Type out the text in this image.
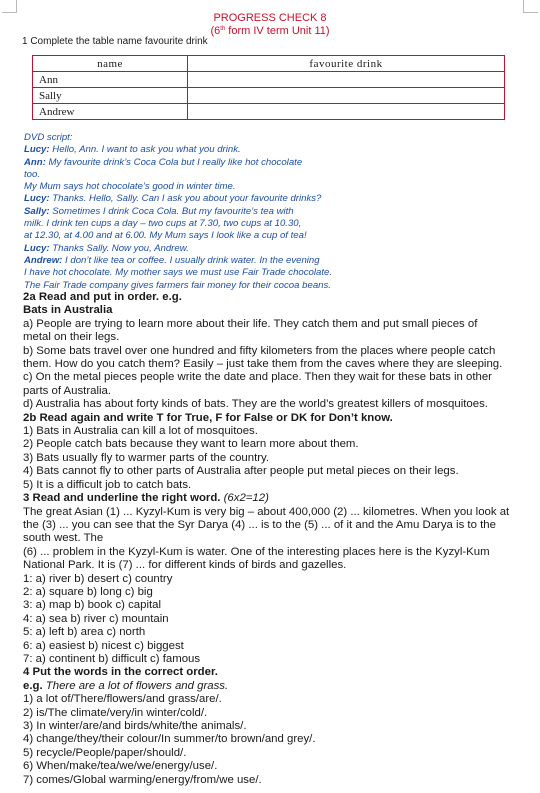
PROGRESS CHECK 8
(6th form IV term Unit 11)
1 Complete the table name favourite drink
name	favourite drink
Ann	
Sally	
Andrew	
DVD script:
Lucy: Hello, Ann. I want to ask you what you drink.
Ann: My favourite drink’s Coca Cola but I really like hot chocolate
too.
My Mum says hot chocolate’s good in winter time.
Lucy: Thanks. Hello, Sally. Can I ask you about your favourite drinks?
Sally: Sometimes I drink Coca Cola. But my favourite’s tea with
milk. I drink ten cups a day – two cups at 7.30, two cups at 10.30,
at 12.30, at 4.00 and at 6.00. My Mum says I look like a cup of tea!
Lucy: Thanks Sally. Now you, Andrew.
Andrew: I don’t like tea or coffee. I usually drink water. In the evening
I have hot chocolate. My mother says we must use Fair Trade chocolate.
The Fair Trade company gives farmers fair money for their cocoa beans.
2a Read and put in order. e.g.
Bats in Australia
a) People are trying to learn more about their life. They catch them and put small pieces of
metal on their legs.
b) Some bats travel over one hundred and fifty kilometers from the places where people catch
them. How do you catch them? Easily – just take them from the caves where they are sleeping.
c) On the metal pieces people write the date and place. Then they wait for these bats in other
parts of Australia.
d) Australia has about forty kinds of bats. They are the world’s greatest killers of mosquitoes.
2b Read again and write T for True, F for False or DK for Don’t know.
1) Bats in Australia can kill a lot of mosquitoes.
2) People catch bats because they want to learn more about them.
3) Bats usually fly to warmer parts of the country.
4) Bats cannot fly to other parts of Australia after people put metal pieces on their legs.
5) It is a difficult job to catch bats.
3 Read and underline the right word. (6x2=12)
The great Asian (1) ... Kyzyl-Kum is very big – about 400,000 (2) ... kilometres. When you look at
the (3) ... you can see that the Syr Darya (4) ... is to the (5) ... of it and the Amu Darya is to the
south west. The
(6) ... problem in the Kyzyl-Kum is water. One of the interesting places here is the Kyzyl-Kum
National Park. It is (7) ... for different kinds of birds and gazelles.
1: a) river b) desert c) country
2: a) square b) long c) big
3: a) map b) book c) capital
4: a) sea b) river c) mountain
5: a) left b) area c) north
6: a) easiest b) nicest c) biggest
7: a) continent b) difficult c) famous
4 Put the words in the correct order.
e.g. There are a lot of flowers and grass.
1) a lot of/There/flowers/and grass/are/.
2) is/The climate/very/in winter/cold/.
3) In winter/are/and birds/white/the animals/.
4) change/they/their colour/In summer/to brown/and grey/.
5) recycle/People/paper/should/.
6) When/make/tea/we/we/energy/use/.
7) comes/Global warming/energy/from/we use/.
